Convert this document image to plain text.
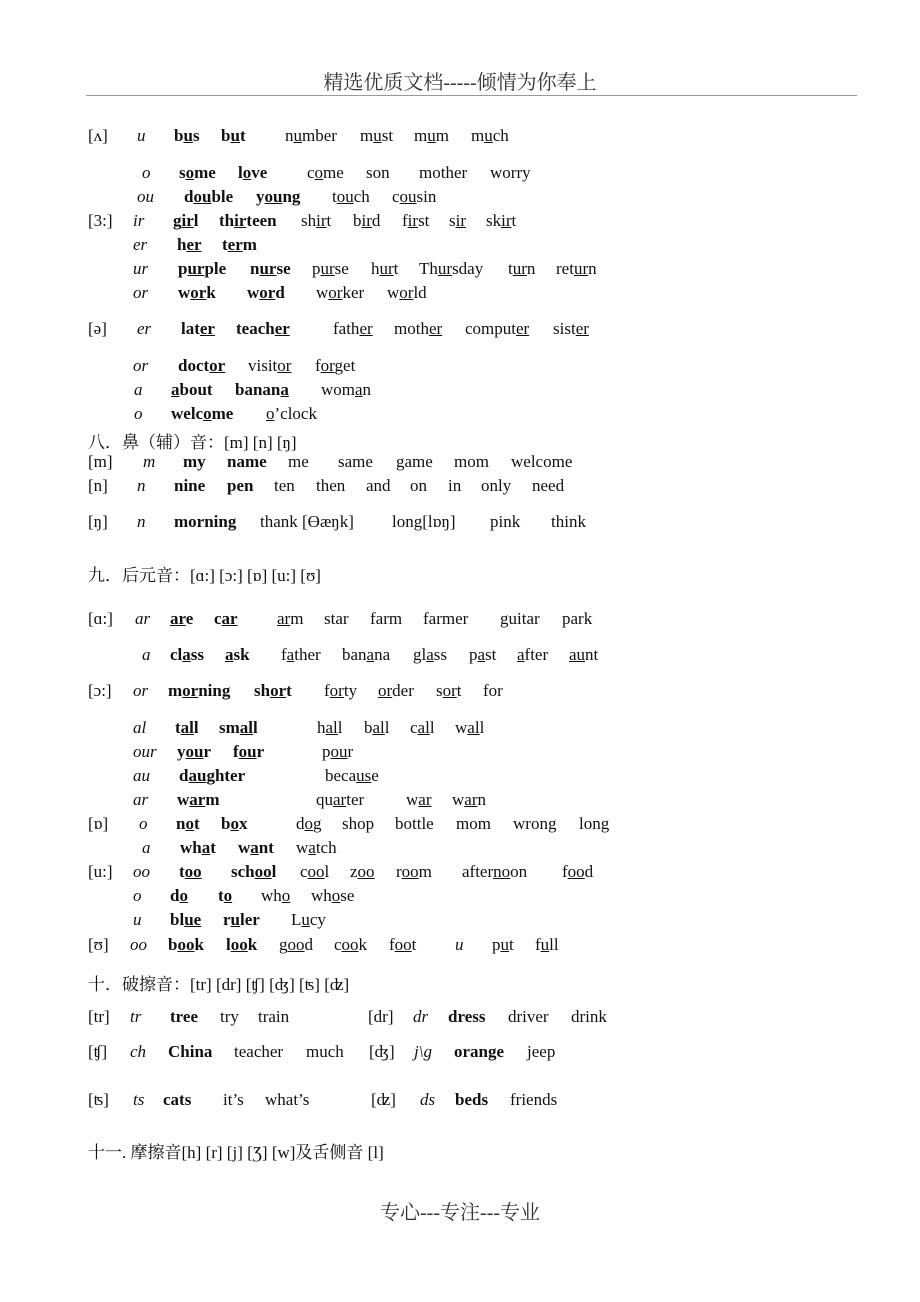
精选优质文档-----倾情为你奉上
八．鼻（辅）音：[m] [n] [ŋ]
九．后元音：[ɑ:] [ɔ:] [ɒ] [u:] [ʊ]
十．破擦音：[tr] [dr] [ʧ] [ʤ] [ʦ] [ʣ]
十一. 摩擦音[h] [r] [j] [Ʒ] [w]及舌侧音 [l]
[ʌ] u bus but number must mum much
o some love come son mother worry
ou double young touch cousin
[3:] ir girl thirteen shirt bird first sir skirt
er her term
ur purple nurse purse hurt Thursday turn return
or work word worker world
[ə] er later teacher	father mother computer sister
or doctor visitor forget
a about banana woman
o welcome o’clock
[m] m my name me same game mom welcome
[n] n nine pen ten then and on in only need
[ŋ] n morning thank [Ɵæŋk] long[lɒŋ] pink think
[ɑ:] ar are car arm star farm farmer guitar park
a class ask father banana glass past after aunt
[ɔ:] or morning short forty order sort for
al tall small	hall ball call wall
our your four	pour
au daughter	because
ar warm	quarter war warn
[ɒ] o not box	dog shop bottle mom wrong long
a what want watch
[u:] oo too school cool zoo room afternoon food
o do to who whose
u blue ruler Lucy
[ʊ] oo book look good cook foot u put full
[tr] tr tree try train	[dr] dr dress driver drink
[ʧ] ch China teacher much [ʤ] j\g orange jeep
[ʦ] ts cats it’s what’s	[ʣ] ds beds friends
专心---专注---专业
